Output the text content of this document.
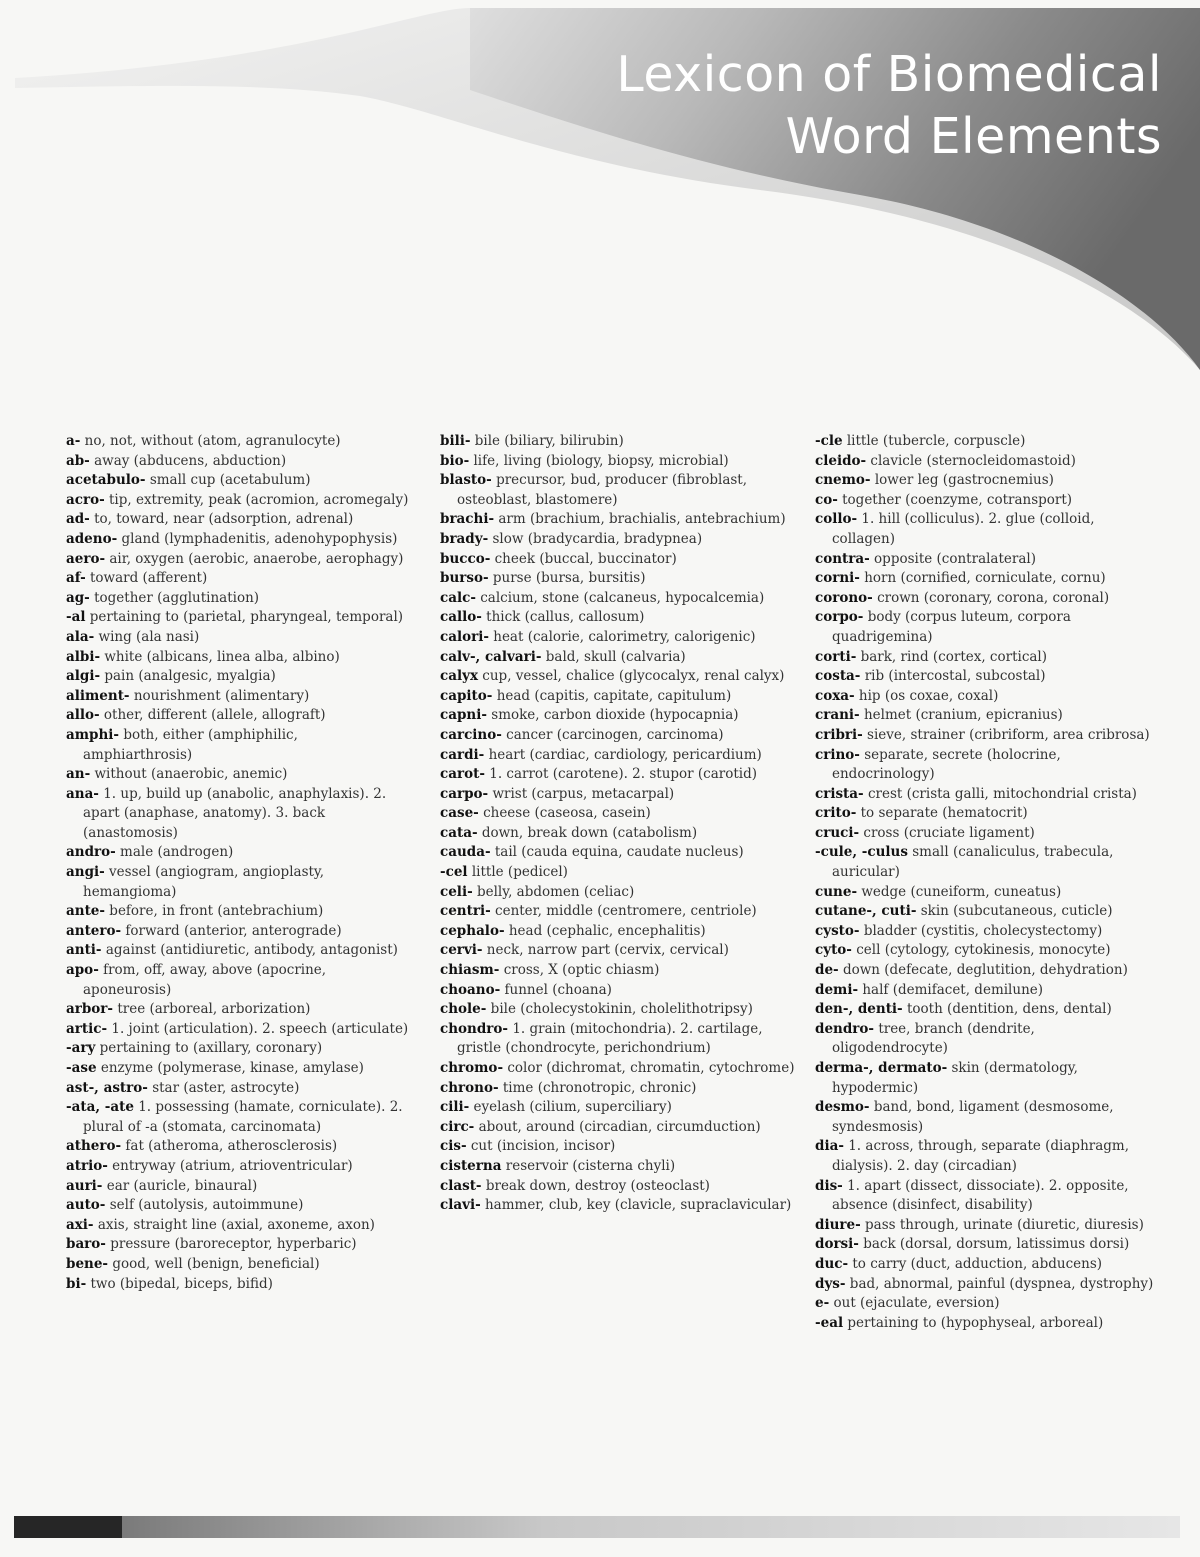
Lexicon of Biomedical
Word Elements
a- no, not, without (atom, agranulocyte)
ab- away (abducens, abduction)
acetabulo- small cup (acetabulum)
acro- tip, extremity, peak (acromion, acromegaly)
ad- to, toward, near (adsorption, adrenal)
adeno- gland (lymphadenitis, adenohypophysis)
aero- air, oxygen (aerobic, anaerobe, aerophagy)
af- toward (afferent)
ag- together (agglutination)
-al pertaining to (parietal, pharyngeal, temporal)
ala- wing (ala nasi)
albi- white (albicans, linea alba, albino)
algi- pain (analgesic, myalgia)
aliment- nourishment (alimentary)
allo- other, different (allele, allograft)
amphi- both, either (amphiphilic, amphiarthrosis)
an- without (anaerobic, anemic)
ana- 1. up, build up (anabolic, anaphylaxis). 2. apart (anaphase, anatomy). 3. back (anastomosis)
andro- male (androgen)
angi- vessel (angiogram, angioplasty, hemangioma)
ante- before, in front (antebrachium)
antero- forward (anterior, anterograde)
anti- against (antidiuretic, antibody, antagonist)
apo- from, off, away, above (apocrine, aponeurosis)
arbor- tree (arboreal, arborization)
artic- 1. joint (articulation). 2. speech (articulate)
-ary pertaining to (axillary, coronary)
-ase enzyme (polymerase, kinase, amylase)
ast-, astro- star (aster, astrocyte)
-ata, -ate 1. possessing (hamate, corniculate). 2. plural of -a (stomata, carcinomata)
athero- fat (atheroma, atherosclerosis)
atrio- entryway (atrium, atrioventricular)
auri- ear (auricle, binaural)
auto- self (autolysis, autoimmune)
axi- axis, straight line (axial, axoneme, axon)
baro- pressure (baroreceptor, hyperbaric)
bene- good, well (benign, beneficial)
bi- two (bipedal, biceps, bifid)
bili- bile (biliary, bilirubin)
bio- life, living (biology, biopsy, microbial)
blasto- precursor, bud, producer (fibroblast, osteoblast, blastomere)
brachi- arm (brachium, brachialis, antebrachium)
brady- slow (bradycardia, bradypnea)
bucco- cheek (buccal, buccinator)
burso- purse (bursa, bursitis)
calc- calcium, stone (calcaneus, hypocalcemia)
callo- thick (callus, callosum)
calori- heat (calorie, calorimetry, calorigenic)
calv-, calvari- bald, skull (calvaria)
calyx cup, vessel, chalice (glycocalyx, renal calyx)
capito- head (capitis, capitate, capitulum)
capni- smoke, carbon dioxide (hypocapnia)
carcino- cancer (carcinogen, carcinoma)
cardi- heart (cardiac, cardiology, pericardium)
carot- 1. carrot (carotene). 2. stupor (carotid)
carpo- wrist (carpus, metacarpal)
case- cheese (caseosa, casein)
cata- down, break down (catabolism)
cauda- tail (cauda equina, caudate nucleus)
-cel little (pedicel)
celi- belly, abdomen (celiac)
centri- center, middle (centromere, centriole)
cephalo- head (cephalic, encephalitis)
cervi- neck, narrow part (cervix, cervical)
chiasm- cross, X (optic chiasm)
choano- funnel (choana)
chole- bile (cholecystokinin, cholelithotripsy)
chondro- 1. grain (mitochondria). 2. cartilage, gristle (chondrocyte, perichondrium)
chromo- color (dichromat, chromatin, cytochrome)
chrono- time (chronotropic, chronic)
cili- eyelash (cilium, superciliary)
circ- about, around (circadian, circumduction)
cis- cut (incision, incisor)
cisterna reservoir (cisterna chyli)
clast- break down, destroy (osteoclast)
clavi- hammer, club, key (clavicle, supraclavicular)
-cle little (tubercle, corpuscle)
cleido- clavicle (sternocleidomastoid)
cnemo- lower leg (gastrocnemius)
co- together (coenzyme, cotransport)
collo- 1. hill (colliculus). 2. glue (colloid, collagen)
contra- opposite (contralateral)
corni- horn (cornified, corniculate, cornu)
corono- crown (coronary, corona, coronal)
corpo- body (corpus luteum, corpora quadrigemina)
corti- bark, rind (cortex, cortical)
costa- rib (intercostal, subcostal)
coxa- hip (os coxae, coxal)
crani- helmet (cranium, epicranius)
cribri- sieve, strainer (cribriform, area cribrosa)
crino- separate, secrete (holocrine, endocrinology)
crista- crest (crista galli, mitochondrial crista)
crito- to separate (hematocrit)
cruci- cross (cruciate ligament)
-cule, -culus small (canaliculus, trabecula, auricular)
cune- wedge (cuneiform, cuneatus)
cutane-, cuti- skin (subcutaneous, cuticle)
cysto- bladder (cystitis, cholecystectomy)
cyto- cell (cytology, cytokinesis, monocyte)
de- down (defecate, deglutition, dehydration)
demi- half (demifacet, demilune)
den-, denti- tooth (dentition, dens, dental)
dendro- tree, branch (dendrite, oligodendrocyte)
derma-, dermato- skin (dermatology, hypodermic)
desmo- band, bond, ligament (desmosome, syndesmosis)
dia- 1. across, through, separate (diaphragm, dialysis). 2. day (circadian)
dis- 1. apart (dissect, dissociate). 2. opposite, absence (disinfect, disability)
diure- pass through, urinate (diuretic, diuresis)
dorsi- back (dorsal, dorsum, latissimus dorsi)
duc- to carry (duct, adduction, abducens)
dys- bad, abnormal, painful (dyspnea, dystrophy)
e- out (ejaculate, eversion)
-eal pertaining to (hypophyseal, arboreal)
